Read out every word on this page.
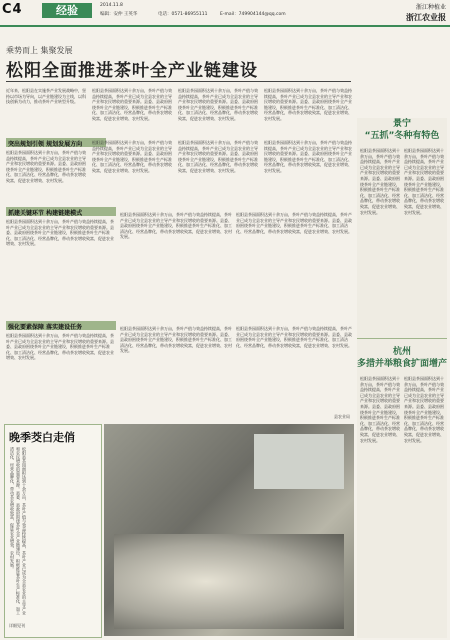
C4	经验	2014.11.8
编辑：安仲 王英华	电话：0571-86955111	E-mail：749904144@qq.com
浙江种植业
浙江农业报
乘势而上 集聚发展
松阳全面推进茶叶全产业链建设
近年来，松阳县在实施茶产业发展战略中，坚持以市场为导向，以产业链建设为主线，以科技创新为动力，推动茶叶产业转型升级。
松阳县茶园面积达到十余万亩，茶叶产值与效益持续提高，茶叶产业已成为全县农业的主导产业和农民增收的重要来源。县委、县政府围绕茶叶全产业链建设，积极推进茶叶生产标准化、加工清洁化、经营品牌化，带动茶农增收致富，促进农业增效、农村发展。
松阳县茶园面积达到十余万亩，茶叶产值与效益持续提高，茶叶产业已成为全县农业的主导产业和农民增收的重要来源。县委、县政府围绕茶叶全产业链建设，积极推进茶叶生产标准化、加工清洁化、经营品牌化，带动茶农增收致富，促进农业增效、农村发展。
松阳县茶园面积达到十余万亩，茶叶产值与效益持续提高，茶叶产业已成为全县农业的主导产业和农民增收的重要来源。县委、县政府围绕茶叶全产业链建设，积极推进茶叶生产标准化、加工清洁化、经营品牌化，带动茶农增收致富，促进农业增效、农村发展。
突出规划引领 规划发展方向
松阳县茶园面积达到十余万亩，茶叶产值与效益持续提高，茶叶产业已成为全县农业的主导产业和农民增收的重要来源。县委、县政府围绕茶叶全产业链建设，积极推进茶叶生产标准化、加工清洁化、经营品牌化，带动茶农增收致富，促进农业增效、农村发展。
松阳县茶园面积达到十余万亩，茶叶产值与效益持续提高，茶叶产业已成为全县农业的主导产业和农民增收的重要来源。县委、县政府围绕茶叶全产业链建设，积极推进茶叶生产标准化、加工清洁化、经营品牌化，带动茶农增收致富，促进农业增效、农村发展。
松阳县茶园面积达到十余万亩，茶叶产值与效益持续提高，茶叶产业已成为全县农业的主导产业和农民增收的重要来源。县委、县政府围绕茶叶全产业链建设，积极推进茶叶生产标准化、加工清洁化、经营品牌化，带动茶农增收致富，促进农业增效、农村发展。
松阳县茶园面积达到十余万亩，茶叶产值与效益持续提高，茶叶产业已成为全县农业的主导产业和农民增收的重要来源。县委、县政府围绕茶叶全产业链建设，积极推进茶叶生产标准化、加工清洁化、经营品牌化，带动茶农增收致富，促进农业增效、农村发展。
抓建关键环节 构建链建模式
松阳县茶园面积达到十余万亩，茶叶产值与效益持续提高，茶叶产业已成为全县农业的主导产业和农民增收的重要来源。县委、县政府围绕茶叶全产业链建设，积极推进茶叶生产标准化、加工清洁化、经营品牌化，带动茶农增收致富，促进农业增效、农村发展。
松阳县茶园面积达到十余万亩，茶叶产值与效益持续提高，茶叶产业已成为全县农业的主导产业和农民增收的重要来源。县委、县政府围绕茶叶全产业链建设，积极推进茶叶生产标准化、加工清洁化、经营品牌化，带动茶农增收致富，促进农业增效、农村发展。
松阳县茶园面积达到十余万亩，茶叶产值与效益持续提高，茶叶产业已成为全县农业的主导产业和农民增收的重要来源。县委、县政府围绕茶叶全产业链建设，积极推进茶叶生产标准化、加工清洁化、经营品牌化，带动茶农增收致富，促进农业增效、农村发展。
强化要素保障 落实建设任务
松阳县茶园面积达到十余万亩，茶叶产值与效益持续提高，茶叶产业已成为全县农业的主导产业和农民增收的重要来源。县委、县政府围绕茶叶全产业链建设，积极推进茶叶生产标准化、加工清洁化、经营品牌化，带动茶农增收致富，促进农业增效、农村发展。
松阳县茶园面积达到十余万亩，茶叶产值与效益持续提高，茶叶产业已成为全县农业的主导产业和农民增收的重要来源。县委、县政府围绕茶叶全产业链建设，积极推进茶叶生产标准化、加工清洁化、经营品牌化，带动茶农增收致富，促进农业增效、农村发展。
松阳县茶园面积达到十余万亩，茶叶产值与效益持续提高，茶叶产业已成为全县农业的主导产业和农民增收的重要来源。县委、县政府围绕茶叶全产业链建设，积极推进茶叶生产标准化、加工清洁化、经营品牌化，带动茶农增收致富，促进农业增效、农村发展。
县农业局
晚季茭白走俏
松阳县茶园面积达到十余万亩，茶叶产值与效益持续提高，茶叶产业已成为全县农业的主导产业和农民增收的重要来源。县委、县政府围绕茶叶全产业链建设，积极推进茶叶生产标准化、加工清洁化、经营品牌化，带动茶农增收致富，促进农业增效、农村发展。
详细见刊
景宁
“五抓”冬种有特色
松阳县茶园面积达到十余万亩，茶叶产值与效益持续提高，茶叶产业已成为全县农业的主导产业和农民增收的重要来源。县委、县政府围绕茶叶全产业链建设，积极推进茶叶生产标准化、加工清洁化、经营品牌化，带动茶农增收致富，促进农业增效、农村发展。
松阳县茶园面积达到十余万亩，茶叶产值与效益持续提高，茶叶产业已成为全县农业的主导产业和农民增收的重要来源。县委、县政府围绕茶叶全产业链建设，积极推进茶叶生产标准化、加工清洁化、经营品牌化，带动茶农增收致富，促进农业增效、农村发展。
杭州
多措并举粮食扩面增产
松阳县茶园面积达到十余万亩，茶叶产值与效益持续提高，茶叶产业已成为全县农业的主导产业和农民增收的重要来源。县委、县政府围绕茶叶全产业链建设，积极推进茶叶生产标准化、加工清洁化、经营品牌化，带动茶农增收致富，促进农业增效、农村发展。
松阳县茶园面积达到十余万亩，茶叶产值与效益持续提高，茶叶产业已成为全县农业的主导产业和农民增收的重要来源。县委、县政府围绕茶叶全产业链建设，积极推进茶叶生产标准化、加工清洁化、经营品牌化，带动茶农增收致富，促进农业增效、农村发展。
